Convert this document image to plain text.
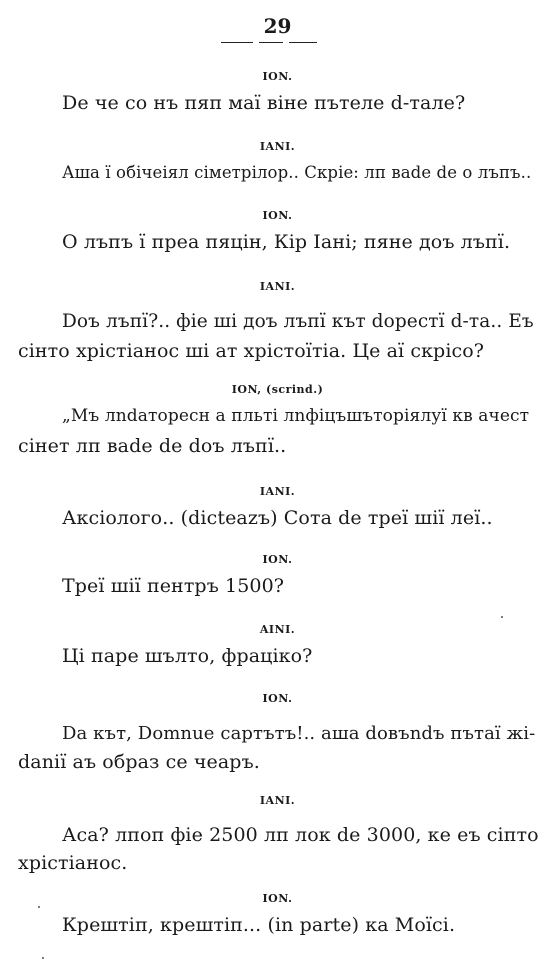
29
ION.
De че со нъ пяп маї віне пътеле d-тале?
IANI.
Аша ї обічеіял сіметрілор.. Скріе: лп вade de о лъпъ..
ION.
О лъпъ ї преа пяцін, Кір Іані; пяне доъ лъпї.
IANI.
Doъ лъпї?.. фіе шi доъ лъпї кът dopecтї d-та.. Еъ
сінто хрістіанос ші ат хрістоїтіа. Це аї скрісо?
ION, (scrind.)
„Мъ лndаторесн а пльті лnфіцъшъторіялуї кв ачест
сінет лп вade de doъ лъпї..
IANI.
Аксіолого.. (dicteazъ) Сота de треї шії леї..
ION.
Треї шії пентръ 1500?
AINI.
Ці паре шълто, фраціко?
ION.
Da кът, Domnue сартътъ!.. аша dовъndъ пътаї жі-
daniї аъ образ се чеаръ.
IANI.
Аса? лпоп фіе 2500 лп лок de 3000, ке еъ сіпто
хрістіанос.
ION.
Кpeштіп, кpeштіп... (in parte) ка Моїсі.
